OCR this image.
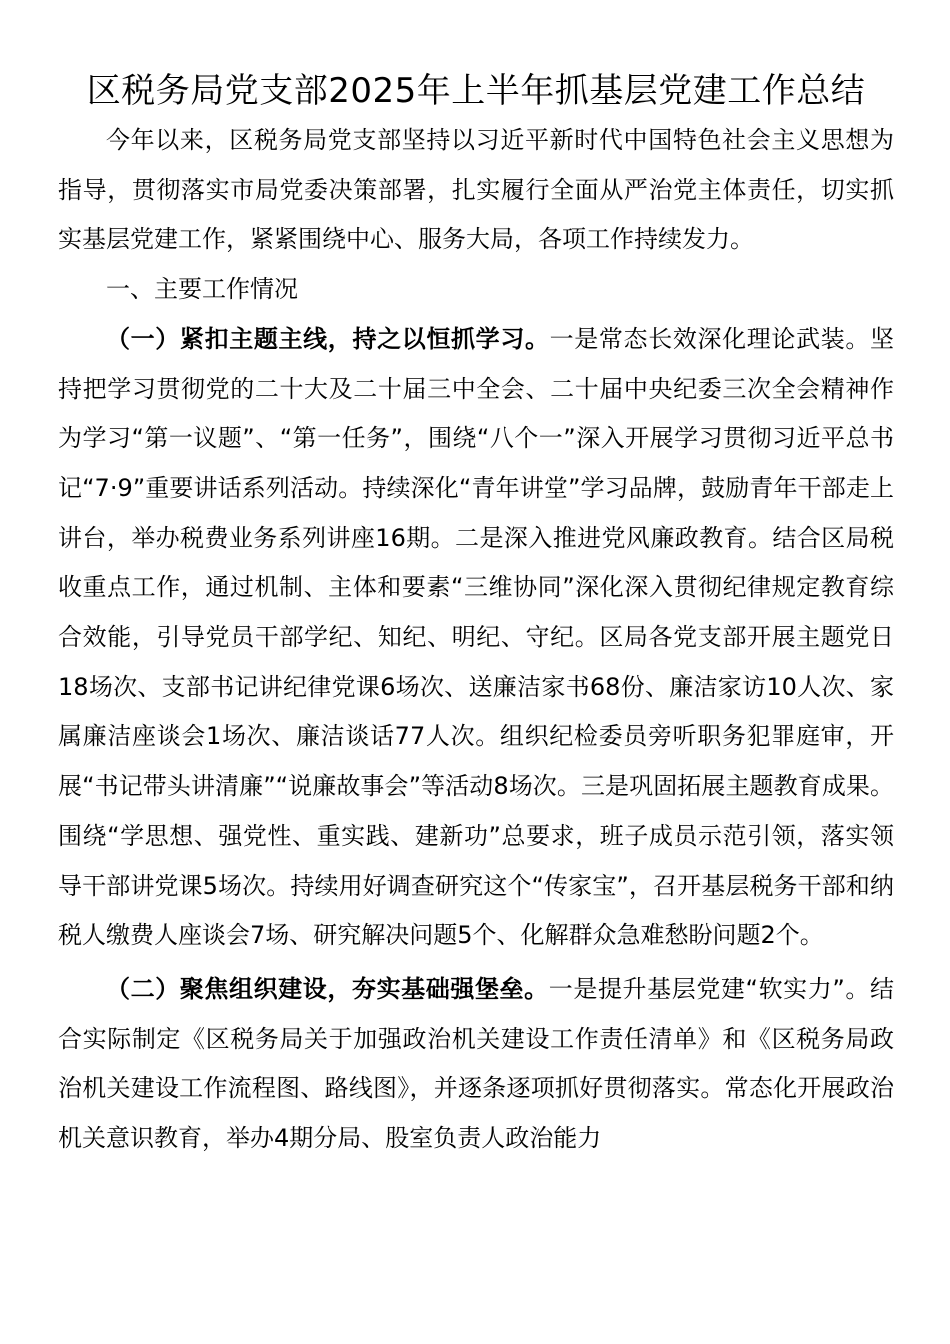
区税务局党支部2025年上半年抓基层党建工作总结

今年以来，区税务局党支部坚持以习近平新时代中国特色社会主义思想为指导，贯彻落实市局党委决策部署，扎实履行全面从严治党主体责任，切实抓实基层党建工作，紧紧围绕中心、服务大局，各项工作持续发力。

一、主要工作情况

（一）紧扣主题主线，持之以恒抓学习。一是常态长效深化理论武装。坚持把学习贯彻党的二十大及二十届三中全会、二十届中央纪委三次全会精神作为学习“第一议题”、“第一任务”，围绕“八个一”深入开展学习贯彻习近平总书记“7·9”重要讲话系列活动。持续深化“青年讲堂”学习品牌，鼓励青年干部走上讲台，举办税费业务系列讲座16期。二是深入推进党风廉政教育。结合区局税收重点工作，通过机制、主体和要素“三维协同”深化深入贯彻纪律规定教育综合效能，引导党员干部学纪、知纪、明纪、守纪。区局各党支部开展主题党日18场次、支部书记讲纪律党课6场次、送廉洁家书68份、廉洁家访10人次、家属廉洁座谈会1场次、廉洁谈话77人次。组织纪检委员旁听职务犯罪庭审，开展“书记带头讲清廉”“说廉故事会”等活动8场次。三是巩固拓展主题教育成果。围绕“学思想、强党性、重实践、建新功”总要求，班子成员示范引领，落实领导干部讲党课5场次。持续用好调查研究这个“传家宝”，召开基层税务干部和纳税人缴费人座谈会7场、研究解决问题5个、化解群众急难愁盼问题2个。

（二）聚焦组织建设，夯实基础强堡垒。一是提升基层党建“软实力”。结合实际制定《区税务局关于加强政治机关建设工作责任清单》和《区税务局政治机关建设工作流程图、路线图》，并逐条逐项抓好贯彻落实。常态化开展政治机关意识教育，举办4期分局、股室负责人政治能力
